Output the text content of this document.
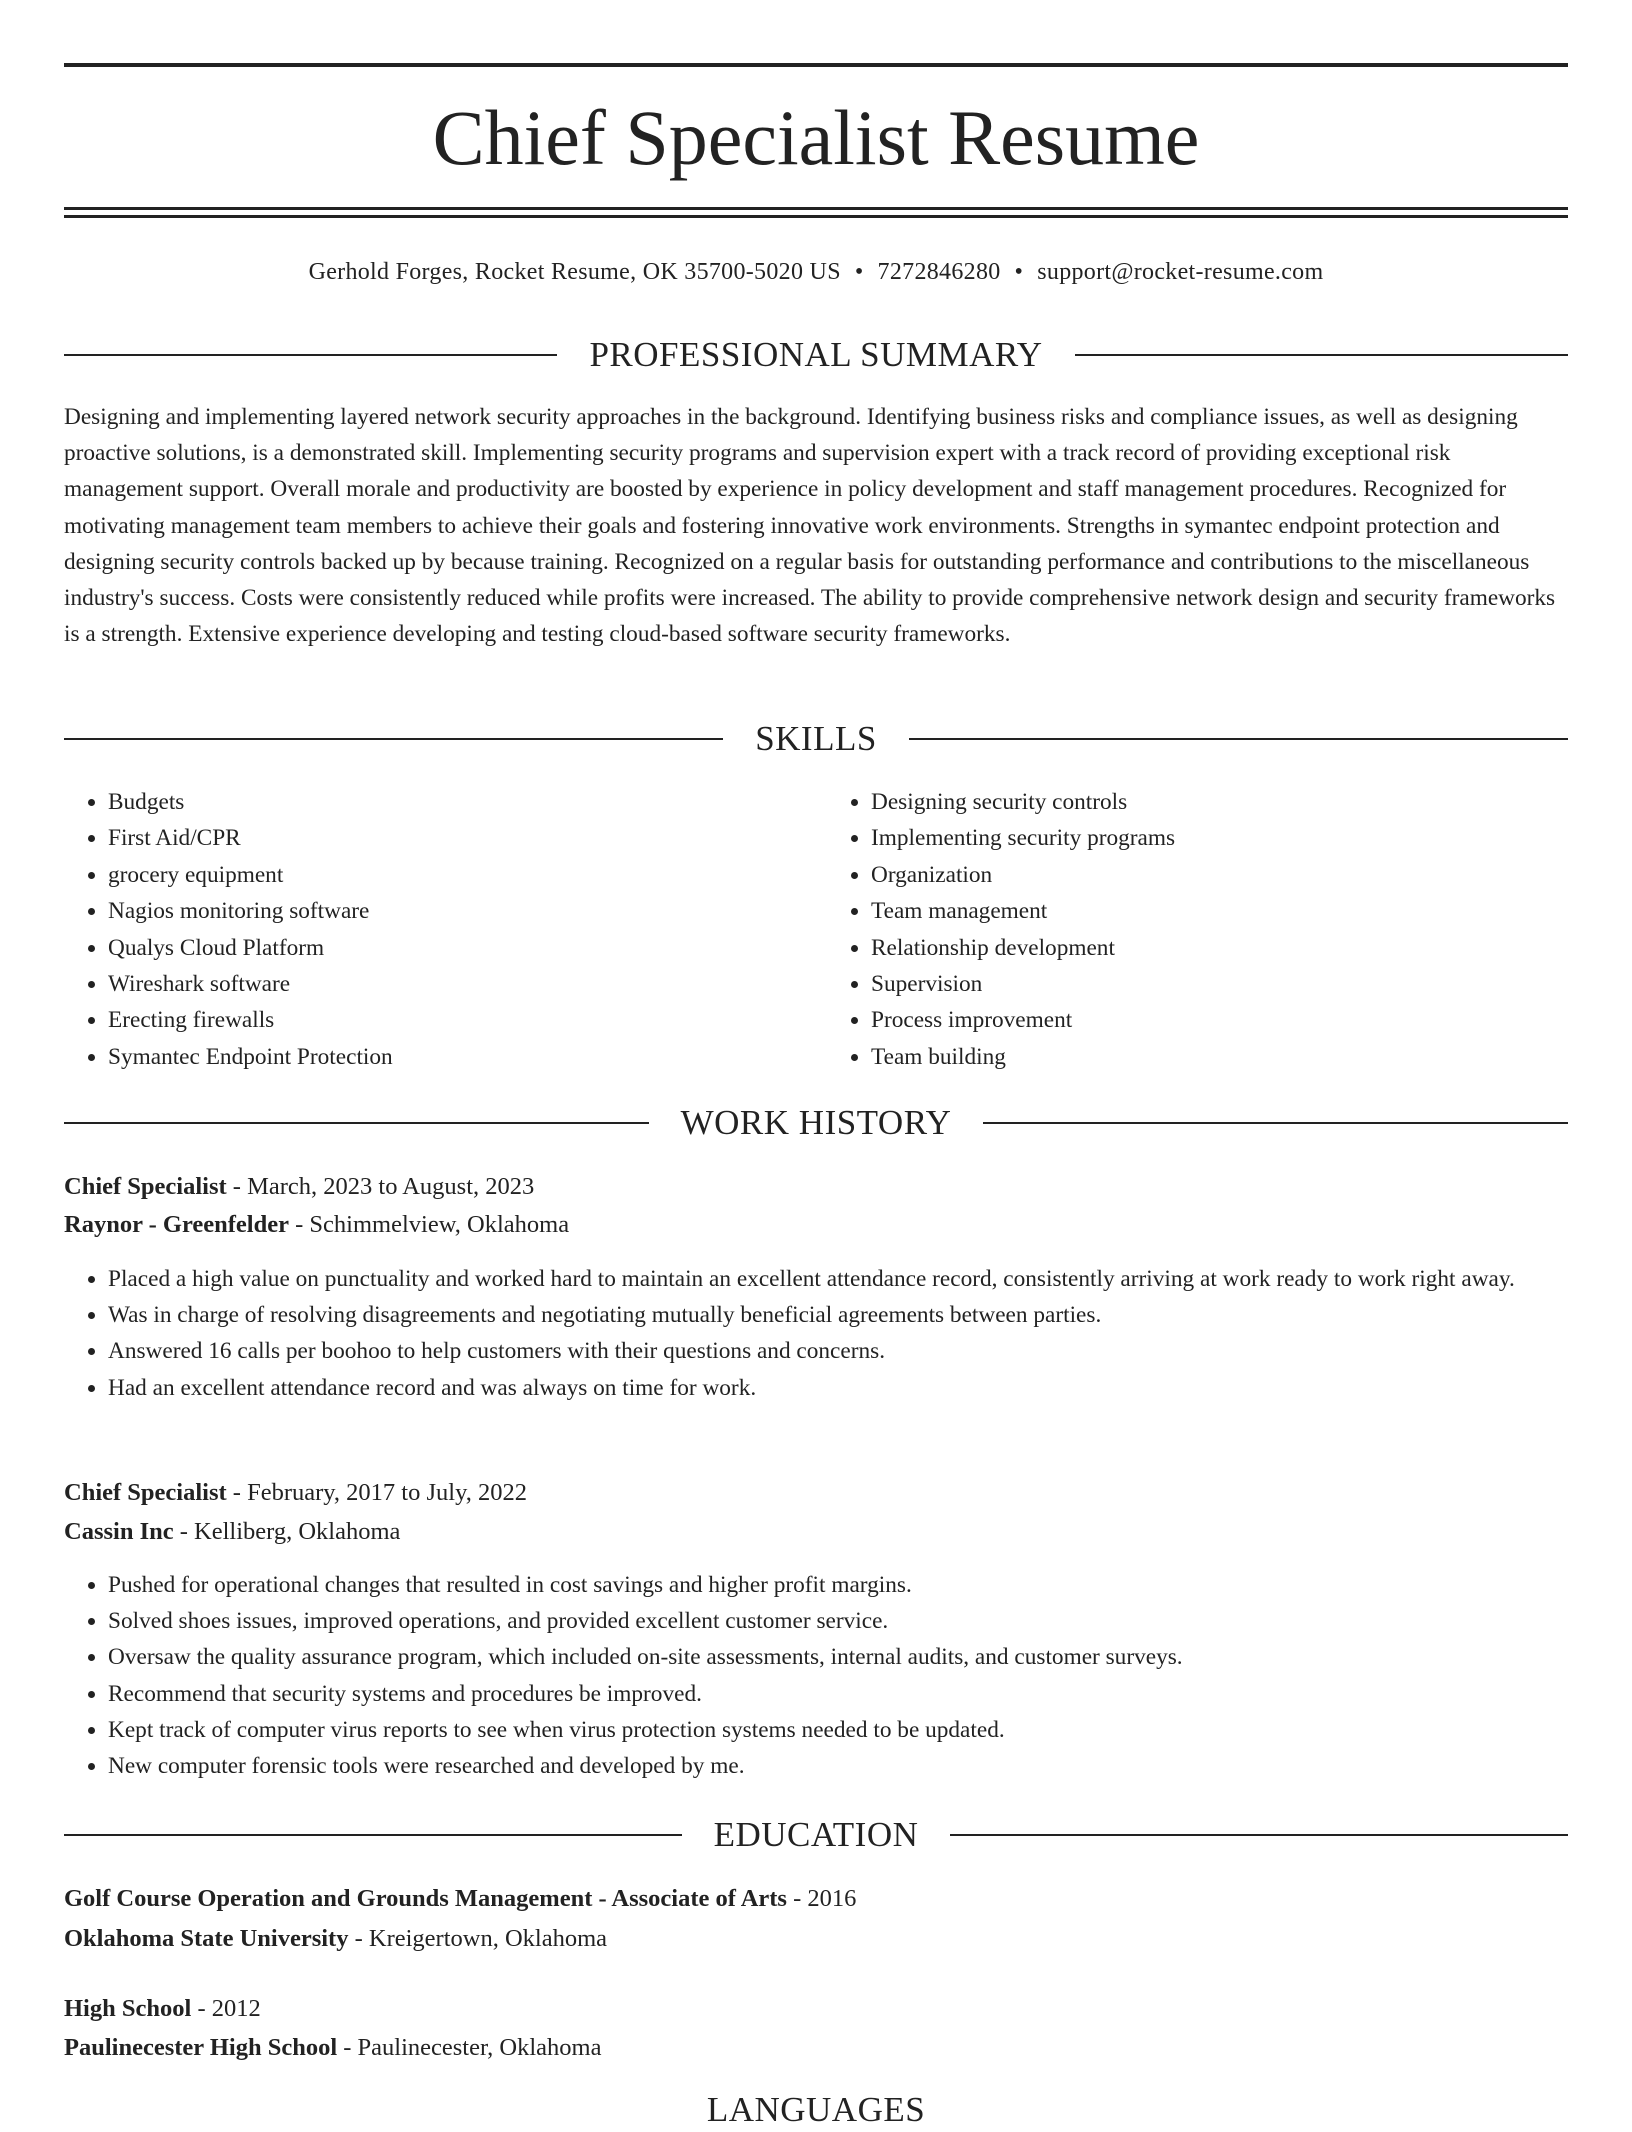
Chief Specialist Resume
Gerhold Forges, Rocket Resume, OK 35700-5020 US • 7272846280 • support@rocket-resume.com
PROFESSIONAL SUMMARY

Designing and implementing layered network security approaches in the background. Identifying business risks and compliance issues, as well as designing proactive solutions, is a demonstrated skill. Implementing security programs and supervision expert with a track record of providing exceptional risk management support. Overall morale and productivity are boosted by experience in policy development and staff management procedures. Recognized for motivating management team members to achieve their goals and fostering innovative work environments. Strengths in symantec endpoint protection and designing security controls backed up by because training. Recognized on a regular basis for outstanding performance and contributions to the miscellaneous industry's success. Costs were consistently reduced while profits were increased. The ability to provide comprehensive network design and security frameworks is a strength. Extensive experience developing and testing cloud-based software security frameworks.

SKILLS
• Budgets
• First Aid/CPR
• grocery equipment
• Nagios monitoring software
• Qualys Cloud Platform
• Wireshark software
• Erecting firewalls
• Symantec Endpoint Protection
• Designing security controls
• Implementing security programs
• Organization
• Team management
• Relationship development
• Supervision
• Process improvement
• Team building
WORK HISTORY
Chief Specialist - March, 2023 to August, 2023
Raynor - Greenfelder - Schimmelview, Oklahoma
• Placed a high value on punctuality and worked hard to maintain an excellent attendance record, consistently arriving at work ready to work right away.
• Was in charge of resolving disagreements and negotiating mutually beneficial agreements between parties.
• Answered 16 calls per boohoo to help customers with their questions and concerns.
• Had an excellent attendance record and was always on time for work.
Chief Specialist - February, 2017 to July, 2022
Cassin Inc - Kelliberg, Oklahoma
• Pushed for operational changes that resulted in cost savings and higher profit margins.
• Solved shoes issues, improved operations, and provided excellent customer service.
• Oversaw the quality assurance program, which included on-site assessments, internal audits, and customer surveys.
• Recommend that security systems and procedures be improved.
• Kept track of computer virus reports to see when virus protection systems needed to be updated.
• New computer forensic tools were researched and developed by me.
EDUCATION
Golf Course Operation and Grounds Management - Associate of Arts - 2016
Oklahoma State University - Kreigertown, Oklahoma
High School - 2012
Paulinecester High School - Paulinecester, Oklahoma
LANGUAGES
